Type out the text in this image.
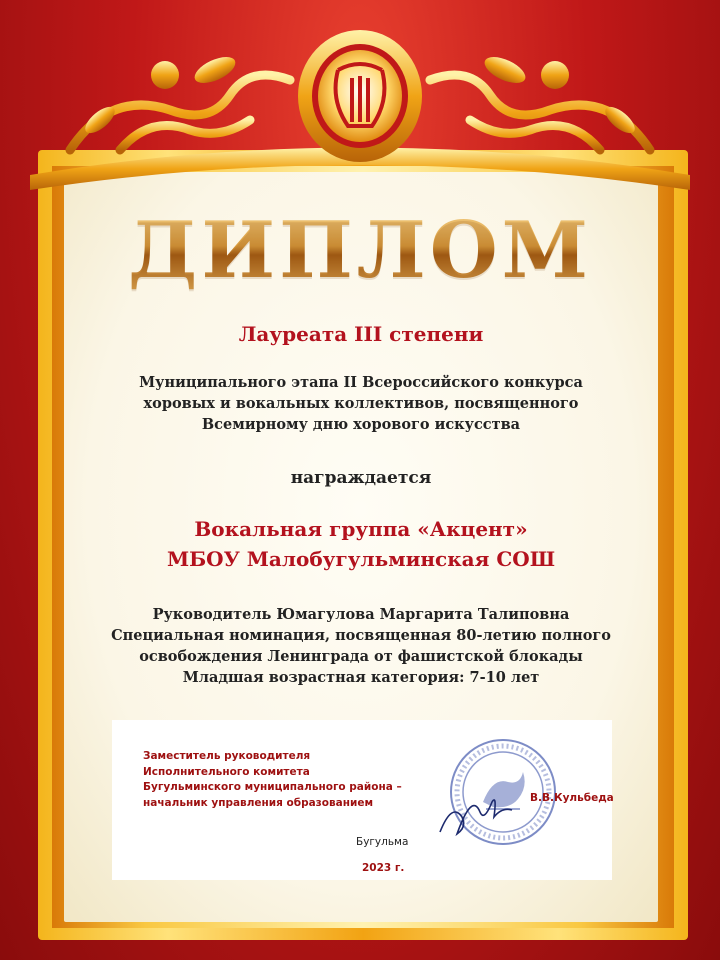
ДИПЛОМ
Лауреата III степени
Муниципального этапа II Всероссийского конкурса
хоровых и вокальных коллективов, посвященного
Всемирному дню хорового искусства
награждается
Вокальная группа «Акцент»
МБОУ Малобугульминская СОШ
Руководитель Юмагулова Маргарита Талиповна
Специальная номинация, посвященная 80-летию полного
освобождения Ленинграда от фашистской блокады
Младшая возрастная категория: 7-10 лет
Заместитель руководителя
Исполнительного комитета
Бугульминского муниципального района –
начальник управления образованием	В.В.Кульбеда
Бугульма
2023 г.
